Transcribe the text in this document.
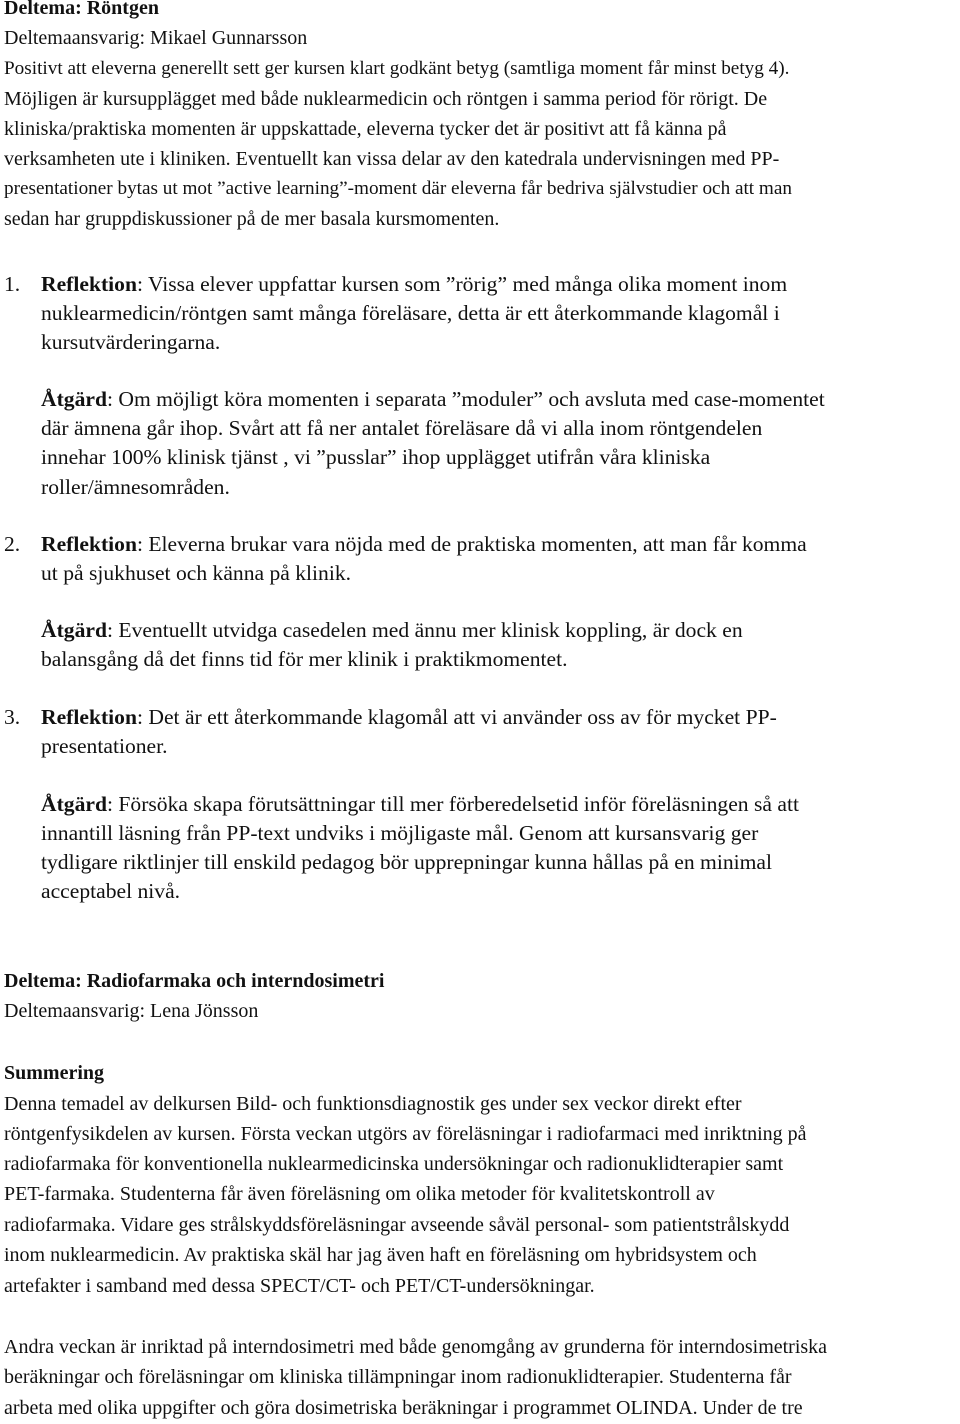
Deltema: Röntgen
Deltemaansvarig: Mikael Gunnarsson
Positivt att eleverna generellt sett ger kursen klart godkänt betyg (samtliga moment får minst betyg 4).
Möjligen är kursupplägget med både nuklearmedicin och röntgen i samma period för rörigt. De
kliniska/praktiska momenten är uppskattade, eleverna tycker det är positivt att få känna på
verksamheten ute i kliniken. Eventuellt kan vissa delar av den katedrala undervisningen med PP-
presentationer bytas ut mot ”active learning”-moment där eleverna får bedriva självstudier och att man
sedan har gruppdiskussioner på de mer basala kursmomenten.
1. Reflektion: Vissa elever uppfattar kursen som ”rörig” med många olika moment inom
nuklearmedicin/röntgen samt många föreläsare, detta är ett återkommande klagomål i
kursutvärderingarna.
Åtgärd: Om möjligt köra momenten i separata ”moduler” och avsluta med case-momentet
där ämnena går ihop. Svårt att få ner antalet föreläsare då vi alla inom röntgendelen
innehar 100% klinisk tjänst , vi ”pusslar” ihop upplägget utifrån våra kliniska
roller/ämnesområden.
2. Reflektion: Eleverna brukar vara nöjda med de praktiska momenten, att man får komma
ut på sjukhuset och känna på klinik.
Åtgärd: Eventuellt utvidga casedelen med ännu mer klinisk koppling, är dock en
balansgång då det finns tid för mer klinik i praktikmomentet.
3. Reflektion: Det är ett återkommande klagomål att vi använder oss av för mycket PP-
presentationer.
Åtgärd: Försöka skapa förutsättningar till mer förberedelsetid inför föreläsningen så att
innantill läsning från PP-text undviks i möjligaste mål. Genom att kursansvarig ger
tydligare riktlinjer till enskild pedagog bör upprepningar kunna hållas på en minimal
acceptabel nivå.
Deltema: Radiofarmaka och interndosimetri
Deltemaansvarig: Lena Jönsson
Summering
Denna temadel av delkursen Bild- och funktionsdiagnostik ges under sex veckor direkt efter
röntgenfysikdelen av kursen. Första veckan utgörs av föreläsningar i radiofarmaci med inriktning på
radiofarmaka för konventionella nuklearmedicinska undersökningar och radionuklidterapier samt
PET-farmaka. Studenterna får även föreläsning om olika metoder för kvalitetskontroll av
radiofarmaka. Vidare ges strålskyddsföreläsningar avseende såväl personal- som patientstrålskydd
inom nuklearmedicin. Av praktiska skäl har jag även haft en föreläsning om hybridsystem och
artefakter i samband med dessa SPECT/CT- och PET/CT-undersökningar.
Andra veckan är inriktad på interndosimetri med både genomgång av grunderna för interndosimetriska
beräkningar och föreläsningar om kliniska tillämpningar inom radionuklidterapier. Studenterna får
arbeta med olika uppgifter och göra dosimetriska beräkningar i programmet OLINDA. Under de tre
